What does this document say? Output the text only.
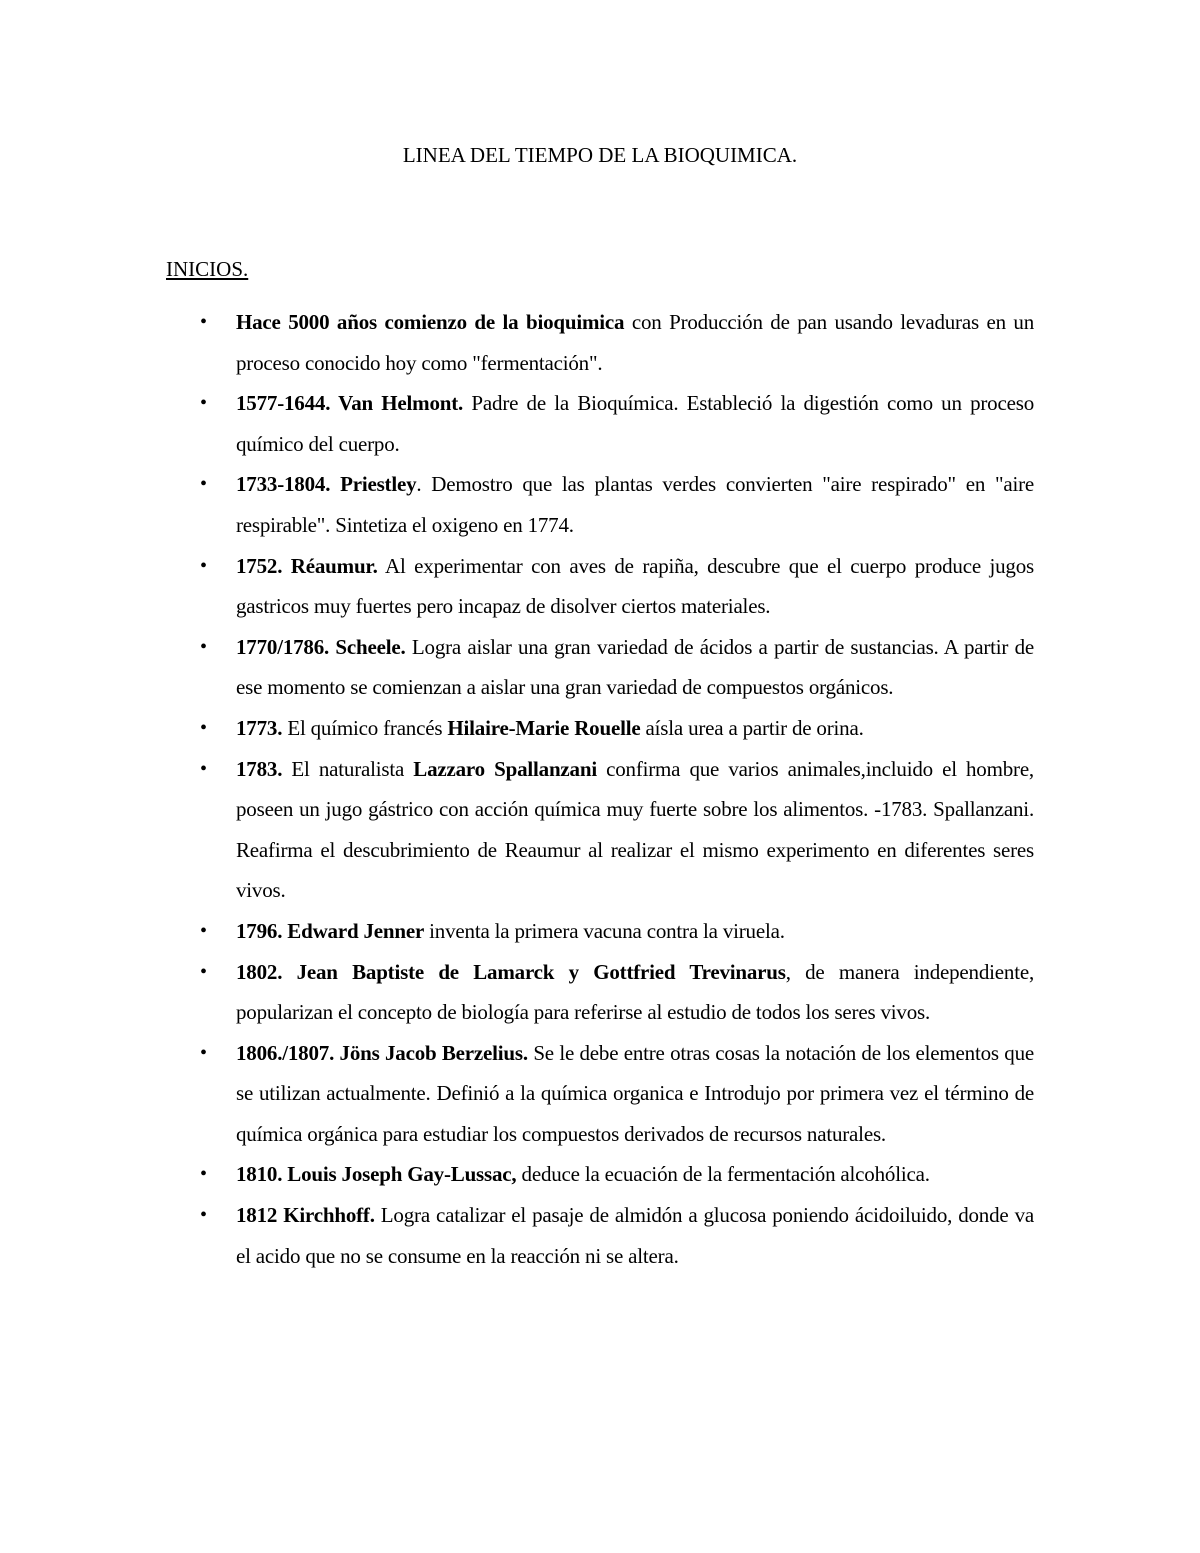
LINEA DEL TIEMPO DE LA BIOQUIMICA.
INICIOS.
• Hace 5000 años comienzo de la bioquimica con Producción de pan usando levaduras en un proceso conocido hoy como "fermentación".
• 1577-1644. Van Helmont. Padre de la Bioquímica. Estableció la digestión como un proceso químico del cuerpo.
• 1733-1804. Priestley. Demostro que las plantas verdes convierten "aire respirado" en "aire respirable". Sintetiza el oxigeno en 1774.
• 1752. Réaumur. Al experimentar con aves de rapiña, descubre que el cuerpo produce jugos gastricos muy fuertes pero incapaz de disolver ciertos materiales.
• 1770/1786. Scheele. Logra aislar una gran variedad de ácidos a partir de sustancias. A partir de ese momento se comienzan a aislar una gran variedad de compuestos orgánicos.
• 1773. El químico francés Hilaire-Marie Rouelle aísla urea a partir de orina.
• 1783. El naturalista Lazzaro Spallanzani confirma que varios animales,incluido el hombre, poseen un jugo gástrico con acción química muy fuerte sobre los alimentos. -1783. Spallanzani. Reafirma el descubrimiento de Reaumur al realizar el mismo experimento en diferentes seres vivos.
• 1796. Edward Jenner inventa la primera vacuna contra la viruela.
• 1802. Jean Baptiste de Lamarck y Gottfried Trevinarus, de manera independiente, popularizan el concepto de biología para referirse al estudio de todos los seres vivos.
• 1806./1807. Jöns Jacob Berzelius. Se le debe entre otras cosas la notación de los elementos que se utilizan actualmente. Definió a la química organica e Introdujo por primera vez el término de química orgánica para estudiar los compuestos derivados de recursos naturales.
• 1810. Louis Joseph Gay-Lussac, deduce la ecuación de la fermentación alcohólica.
• 1812 Kirchhoff. Logra catalizar el pasaje de almidón a glucosa poniendo ácidoiluido, donde va el acido que no se consume en la reacción ni se altera.
